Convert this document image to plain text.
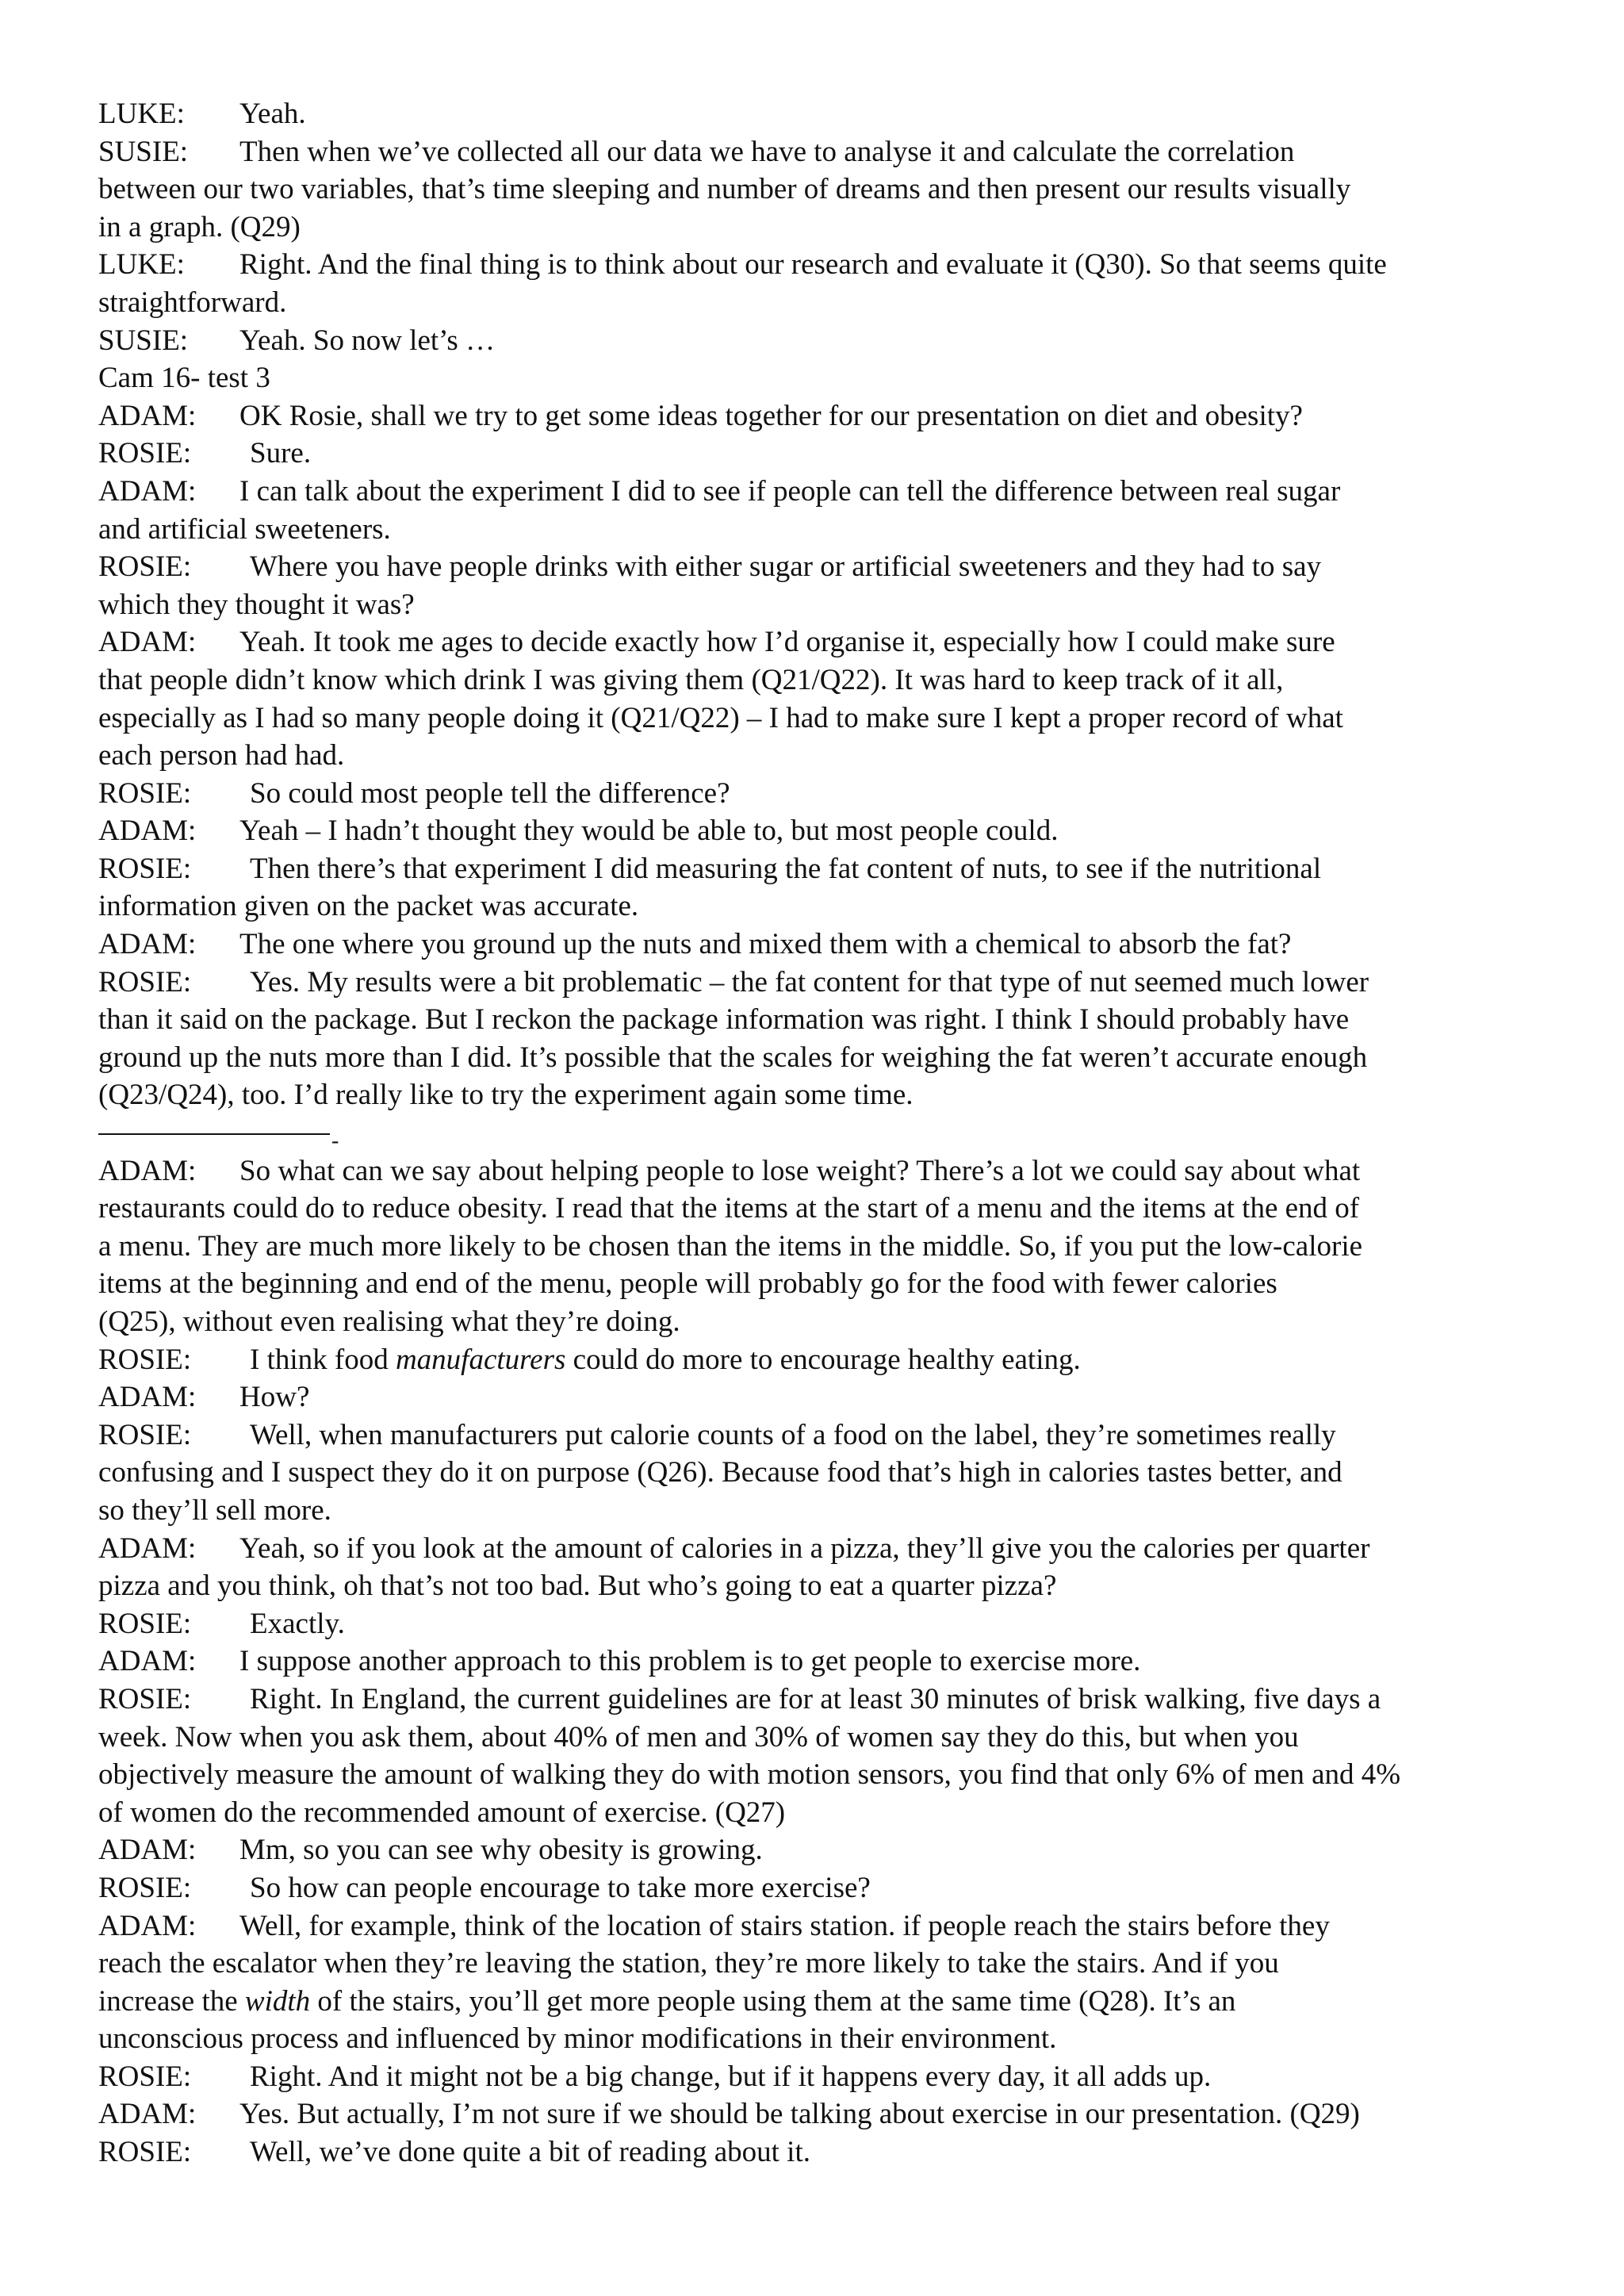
LUKE: Yeah.
SUSIE: Then when we’ve collected all our data we have to analyse it and calculate the correlation
between our two variables, that’s time sleeping and number of dreams and then present our results visually
in a graph. (Q29)
LUKE: Right. And the final thing is to think about our research and evaluate it (Q30). So that seems quite
straightforward.
SUSIE: Yeah. So now let’s …
Cam 16- test 3
ADAM: OK Rosie, shall we try to get some ideas together for our presentation on diet and obesity?
ROSIE: Sure.
ADAM: I can talk about the experiment I did to see if people can tell the difference between real sugar
and artificial sweeteners.
ROSIE: Where you have people drinks with either sugar or artificial sweeteners and they had to say
which they thought it was?
ADAM: Yeah. It took me ages to decide exactly how I’d organise it, especially how I could make sure
that people didn’t know which drink I was giving them (Q21/Q22). It was hard to keep track of it all,
especially as I had so many people doing it (Q21/Q22) – I had to make sure I kept a proper record of what
each person had had.
ROSIE: So could most people tell the difference?
ADAM: Yeah – I hadn’t thought they would be able to, but most people could.
ROSIE: Then there’s that experiment I did measuring the fat content of nuts, to see if the nutritional
information given on the packet was accurate.
ADAM: The one where you ground up the nuts and mixed them with a chemical to absorb the fat?
ROSIE: Yes. My results were a bit problematic – the fat content for that type of nut seemed much lower
than it said on the package. But I reckon the package information was right. I think I should probably have
ground up the nuts more than I did. It’s possible that the scales for weighing the fat weren’t accurate enough
(Q23/Q24), too. I’d really like to try the experiment again some time.
-
ADAM: So what can we say about helping people to lose weight? There’s a lot we could say about what
restaurants could do to reduce obesity. I read that the items at the start of a menu and the items at the end of
a menu. They are much more likely to be chosen than the items in the middle. So, if you put the low-calorie
items at the beginning and end of the menu, people will probably go for the food with fewer calories
(Q25), without even realising what they’re doing.
ROSIE: I think food manufacturers could do more to encourage healthy eating.
ADAM: How?
ROSIE: Well, when manufacturers put calorie counts of a food on the label, they’re sometimes really
confusing and I suspect they do it on purpose (Q26). Because food that’s high in calories tastes better, and
so they’ll sell more.
ADAM: Yeah, so if you look at the amount of calories in a pizza, they’ll give you the calories per quarter
pizza and you think, oh that’s not too bad. But who’s going to eat a quarter pizza?
ROSIE: Exactly.
ADAM: I suppose another approach to this problem is to get people to exercise more.
ROSIE: Right. In England, the current guidelines are for at least 30 minutes of brisk walking, five days a
week. Now when you ask them, about 40% of men and 30% of women say they do this, but when you
objectively measure the amount of walking they do with motion sensors, you find that only 6% of men and 4%
of women do the recommended amount of exercise. (Q27)
ADAM: Mm, so you can see why obesity is growing.
ROSIE: So how can people encourage to take more exercise?
ADAM: Well, for example, think of the location of stairs station. if people reach the stairs before they
reach the escalator when they’re leaving the station, they’re more likely to take the stairs. And if you
increase the width of the stairs, you’ll get more people using them at the same time (Q28). It’s an
unconscious process and influenced by minor modifications in their environment.
ROSIE: Right. And it might not be a big change, but if it happens every day, it all adds up.
ADAM: Yes. But actually, I’m not sure if we should be talking about exercise in our presentation. (Q29)
ROSIE: Well, we’ve done quite a bit of reading about it.
